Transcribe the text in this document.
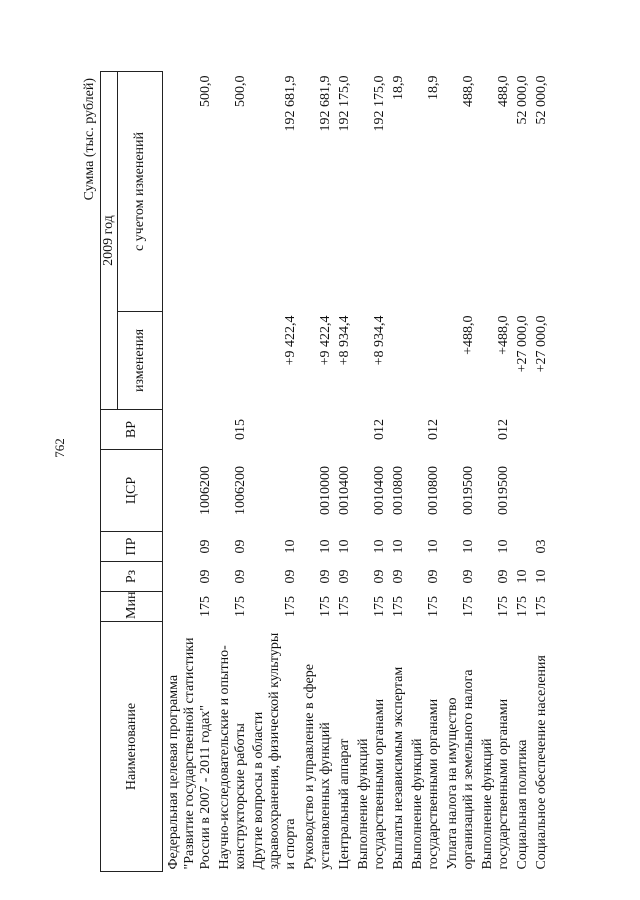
762
Сумма (тыс. рублей)
Наименование	Мин	Рз	ПР	ЦСР	ВР	2009 год	
						изменения	с учетом изменений
Федеральная целевая программа "Развитие государственной статистики России в 2007 - 2011 годах"	175	09	09	1006200			500,0
Научно-исследовательские и опытно-конструкторские работы	175	09	09	1006200	015		500,0
Другие вопросы в области здравоохранения, физической культуры и спорта	175	09	10			+9 422,4	192 681,9
Руководство и управление в сфере установленных функций	175	09	10	0010000		+9 422,4	192 681,9
Центральный аппарат	175	09	10	0010400		+8 934,4	192 175,0
Выполнение функций государственными органами	175	09	10	0010400	012	+8 934,4	192 175,0
Выплаты независимым экспертам	175	09	10	0010800			18,9
Выполнение функций государственными органами	175	09	10	0010800	012		18,9
Уплата налога на имущество организаций и земельного налога	175	09	10	0019500		+488,0	488,0
Выполнение функций государственными органами	175	09	10	0019500	012	+488,0	488,0
Социальная политика	175	10				+27 000,0	52 000,0
Социальное обеспечение населения	175	10	03			+27 000,0	52 000,0
